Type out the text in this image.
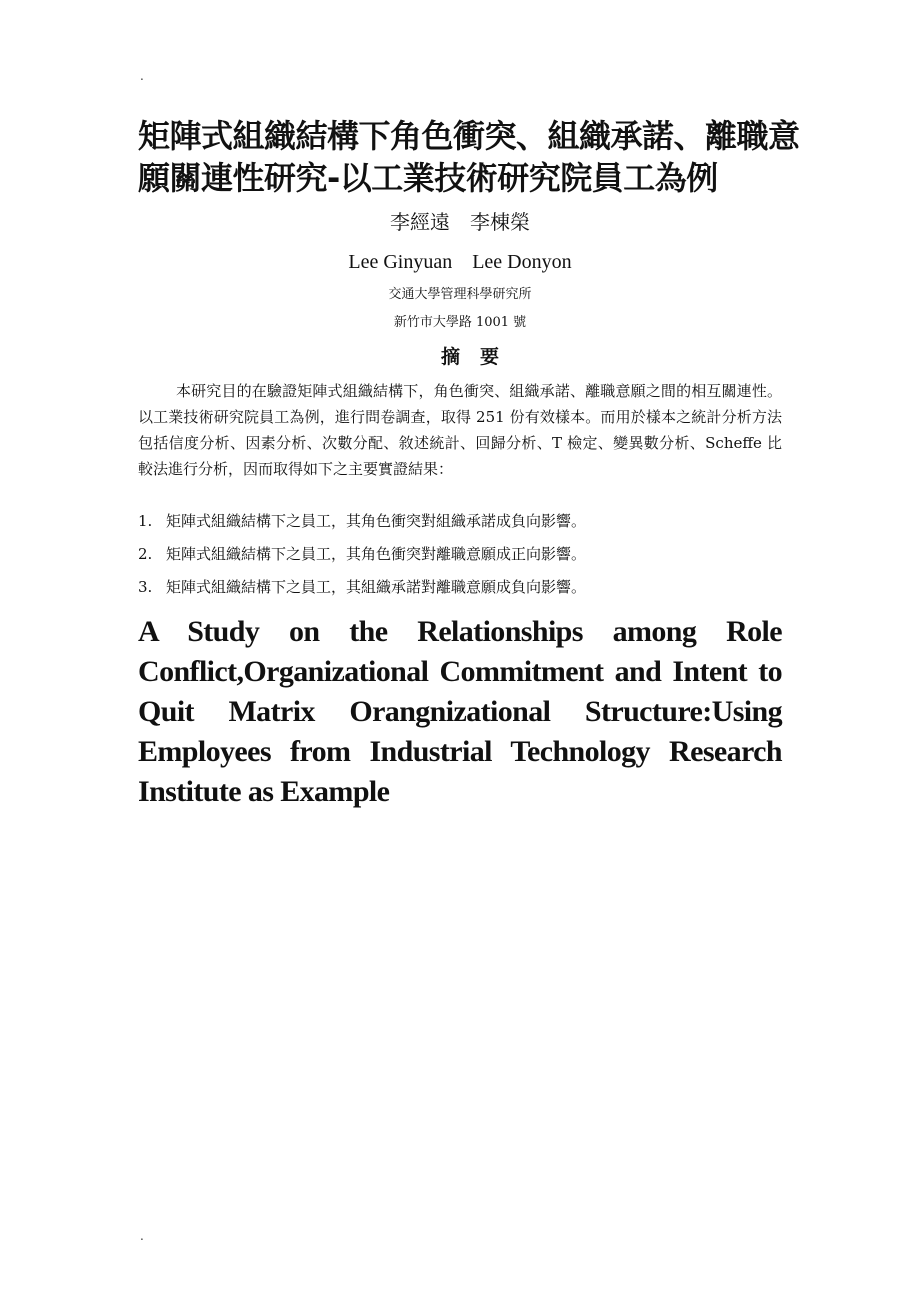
.
矩陣式組織結構下角色衝突、組織承諾、離職意
願關連性研究-以工業技術研究院員工為例
李經遠　李棟榮
Lee Ginyuan　Lee Donyon
交通大學管理科學研究所
新竹市大學路 1001 號
摘要

本研究目的在驗證矩陣式組織結構下，角色衝突、組織承諾、離職意願之間的相互關連性。以工業技術研究院員工為例，進行問卷調查，取得 251 份有效樣本。而用於樣本之統計分析方法包括信度分析、因素分析、次數分配、敘述統計、回歸分析、T 檢定、變異數分析、Scheffe 比較法進行分析，因而取得如下之主要實證結果：

1. 矩陣式組織結構下之員工，其角色衝突對組織承諾成負向影響。
2. 矩陣式組織結構下之員工，其角色衝突對離職意願成正向影響。
3. 矩陣式組織結構下之員工，其組織承諾對離職意願成負向影響。
A Study on the Relationships among Role
Conflict,Organizational Commitment and Intent to
Quit Matrix Orangnizational Structure:Using
Employees from Industrial Technology Research
Institute as Example
.
